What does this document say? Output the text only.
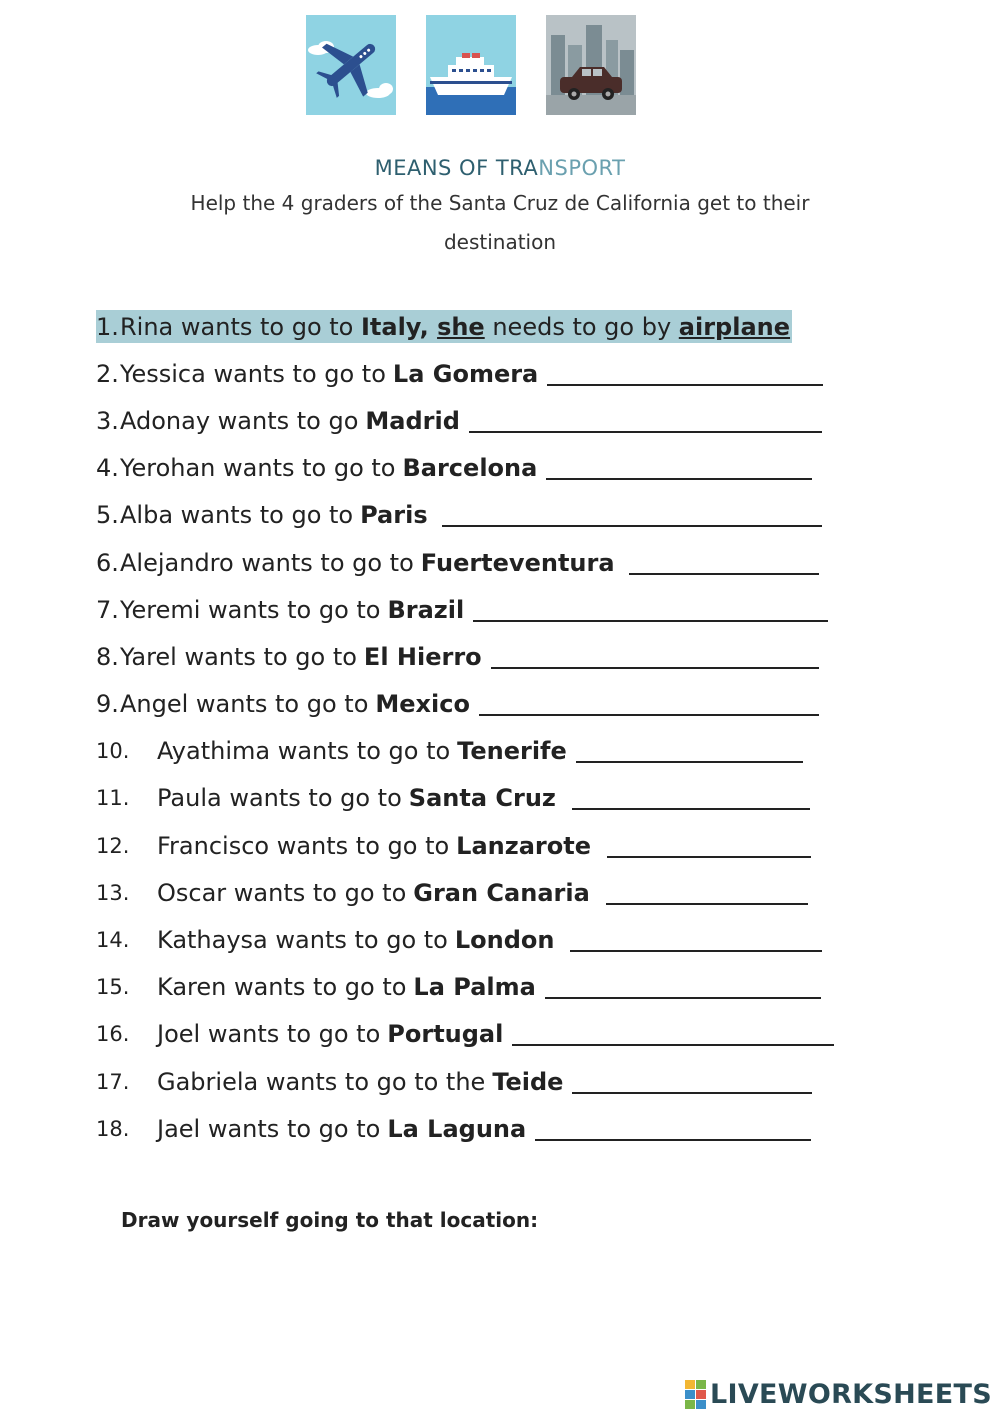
MEANS OF TRANSPORT
Help the 4 graders of the Santa Cruz de California get to their destination
1. Rina wants to go to Italy, she needs to go by airplane
2. Yessica wants to go to La Gomera
3. Adonay wants to go Madrid
4. Yerohan wants to go to Barcelona
5. Alba wants to go to Paris
6. Alejandro wants to go to Fuerteventura
7. Yeremi wants to go to Brazil
8. Yarel wants to go to El Hierro
9. Angel wants to go to Mexico
10.	Ayathima wants to go to Tenerife
11.	Paula wants to go to Santa Cruz
12.	Francisco wants to go to Lanzarote
13.	Oscar wants to go to Gran Canaria
14.	Kathaysa wants to go to London
15.	Karen wants to go to La Palma
16.	Joel wants to go to Portugal
17.	Gabriela wants to go to the Teide
18.	Jael wants to go to La Laguna
Draw yourself going to that location:
LIVEWORKSHEETS
